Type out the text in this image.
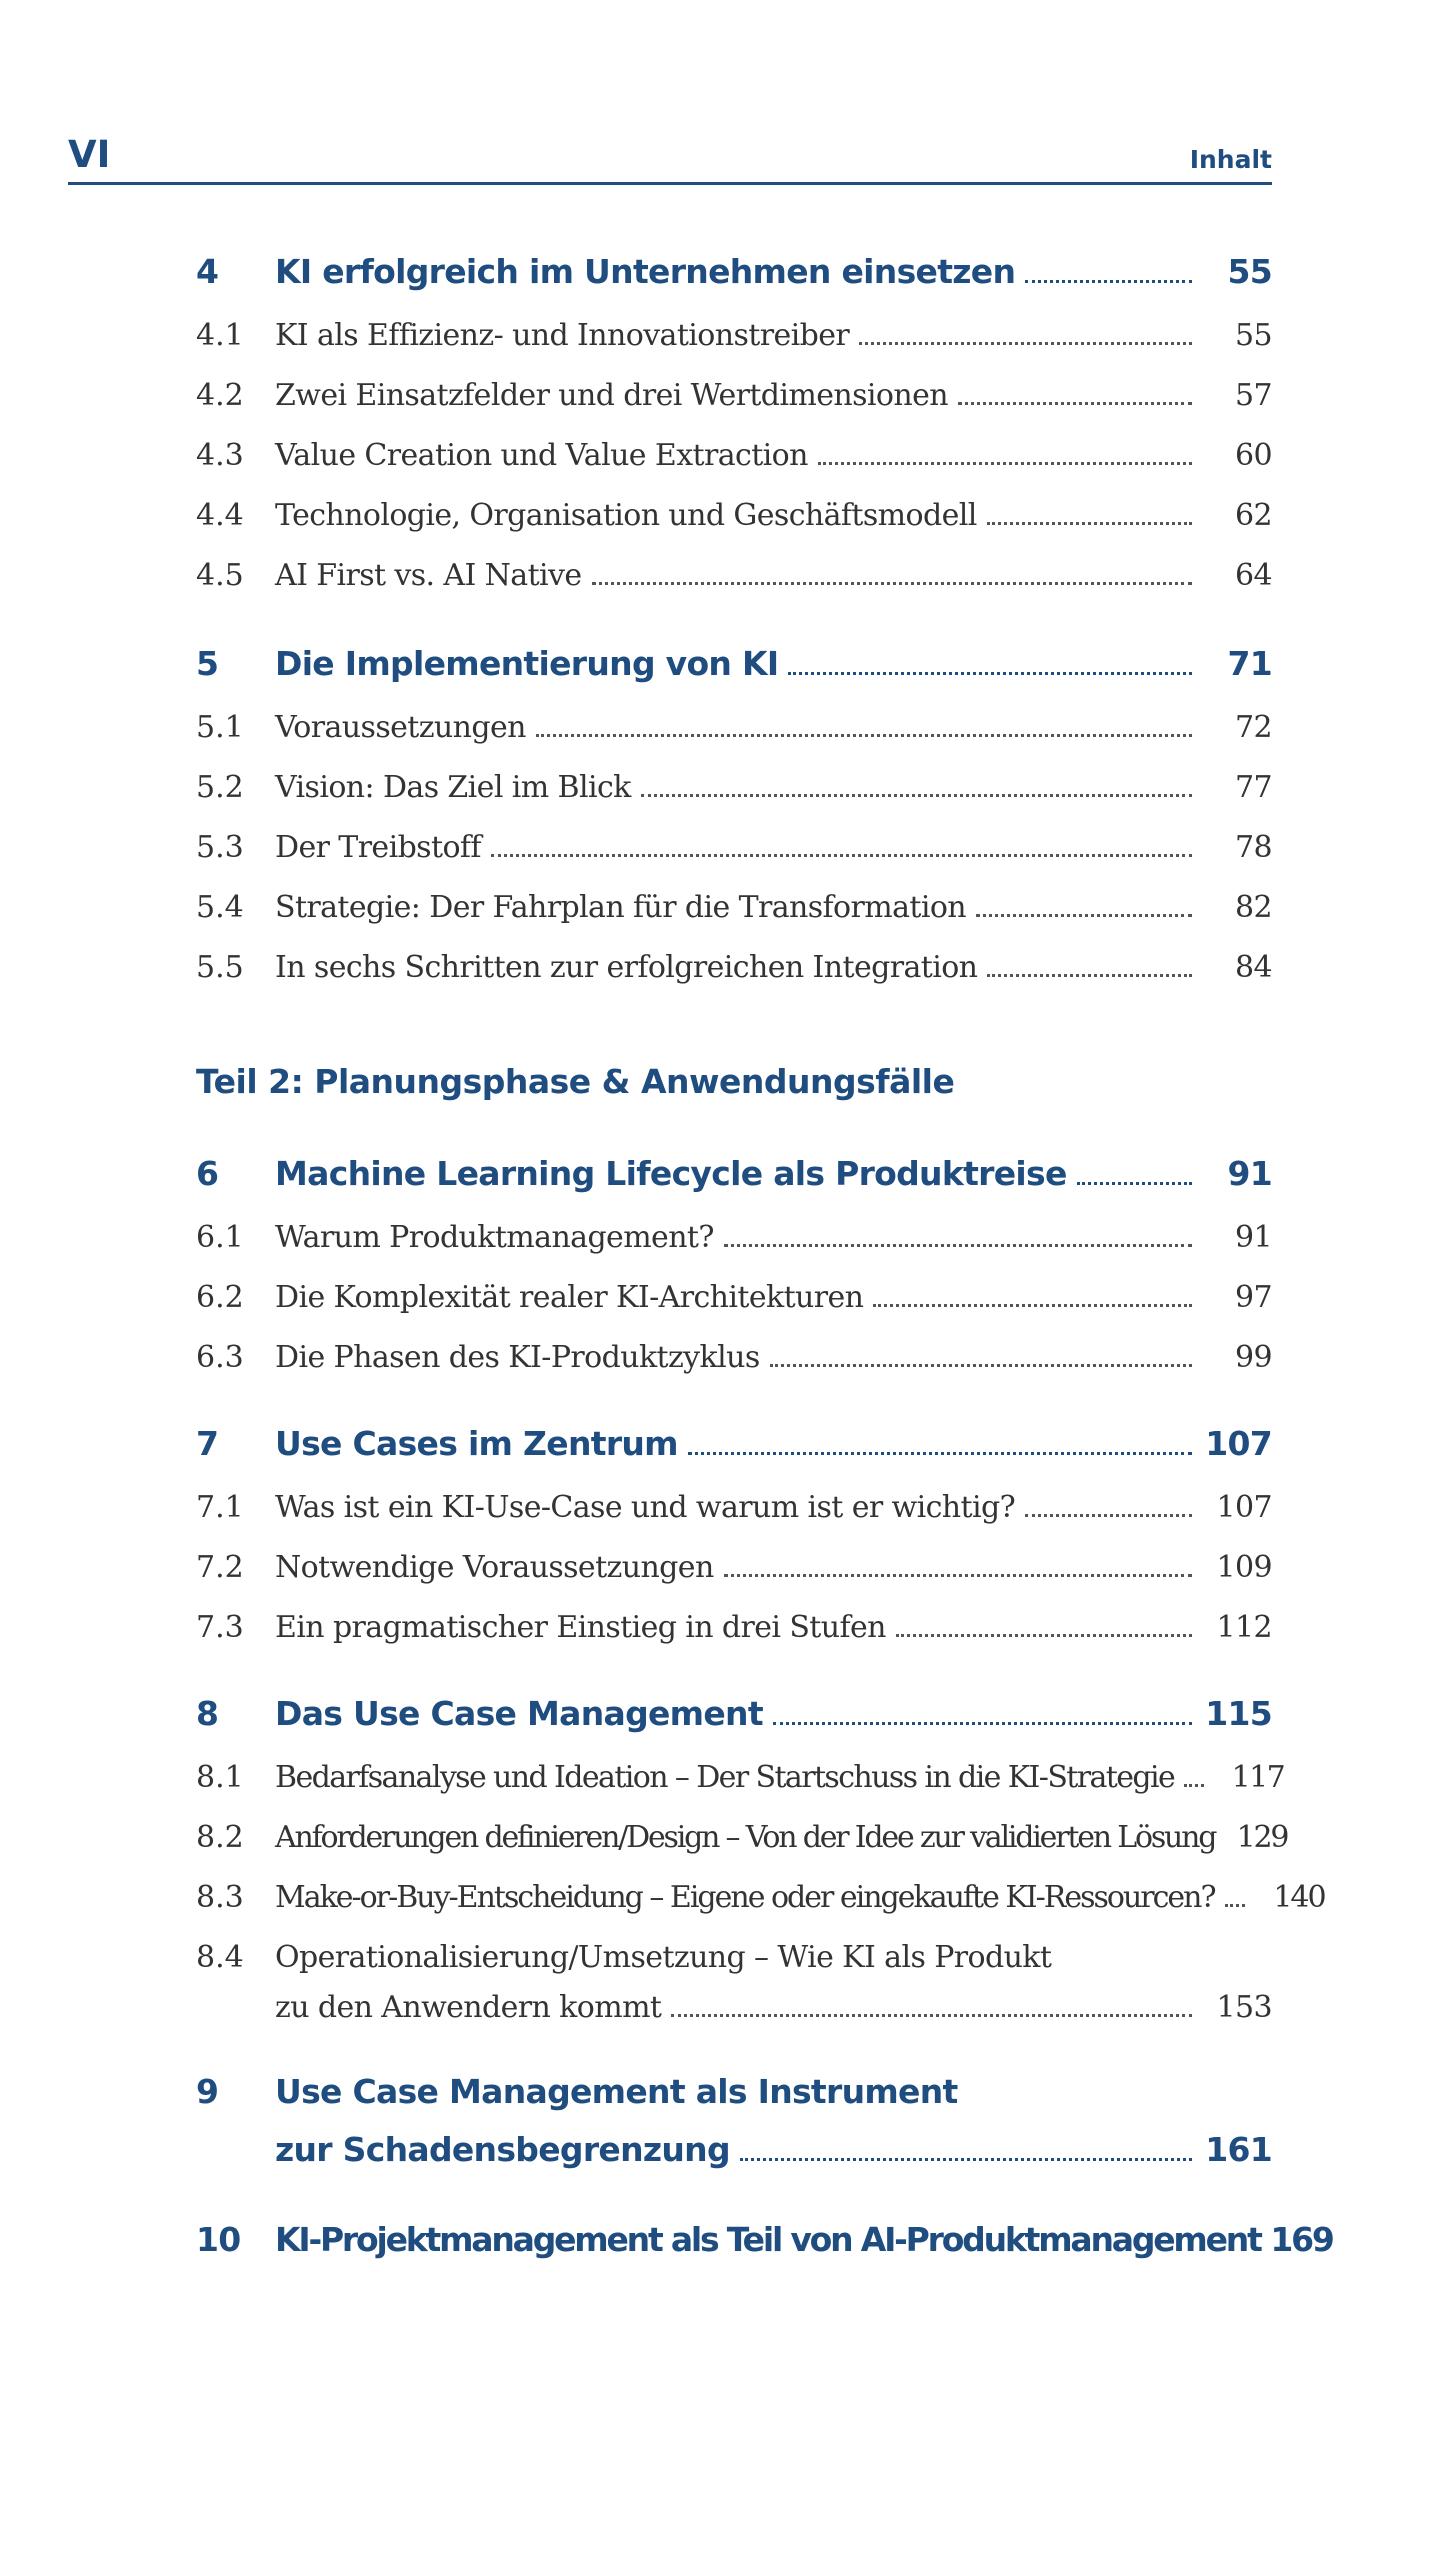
VI	Inhalt
4	KI erfolgreich im Unternehmen einsetzen	55
4.1	KI als Effizienz- und Innovationstreiber	55
4.2	Zwei Einsatzfelder und drei Wertdimensionen	57
4.3	Value Creation und Value Extraction	60
4.4	Technologie, Organisation und Geschäftsmodell	62
4.5	AI First vs. AI Native	64
5	Die Implementierung von KI	71
5.1	Voraussetzungen	72
5.2	Vision: Das Ziel im Blick	77
5.3	Der Treibstoff	78
5.4	Strategie: Der Fahrplan für die Transformation	82
5.5	In sechs Schritten zur erfolgreichen Integration	84
Teil 2: Planungsphase & Anwendungsfälle
6	Machine Learning Lifecycle als Produktreise	91
6.1	Warum Produktmanagement?	91
6.2	Die Komplexität realer KI-Architekturen	97
6.3	Die Phasen des KI-Produktzyklus	99
7	Use Cases im Zentrum	107
7.1	Was ist ein KI-Use-Case und warum ist er wichtig?	107
7.2	Notwendige Voraussetzungen	109
7.3	Ein pragmatischer Einstieg in drei Stufen	112
8	Das Use Case Management	115
8.1	Bedarfsanalyse und Ideation – Der Startschuss in die KI-Strategie	117
8.2	Anforderungen definieren/Design – Von der Idee zur validierten Lösung 129
8.3	Make-or-Buy-Entscheidung – Eigene oder eingekaufte KI-Ressourcen?	140
8.4	Operationalisierung/Umsetzung – Wie KI als Produkt
zu den Anwendern kommt	153
9	Use Case Management als Instrument
zur Schadensbegrenzung	161
10	KI-Projektmanagement als Teil von AI-Produktmanagement 169
